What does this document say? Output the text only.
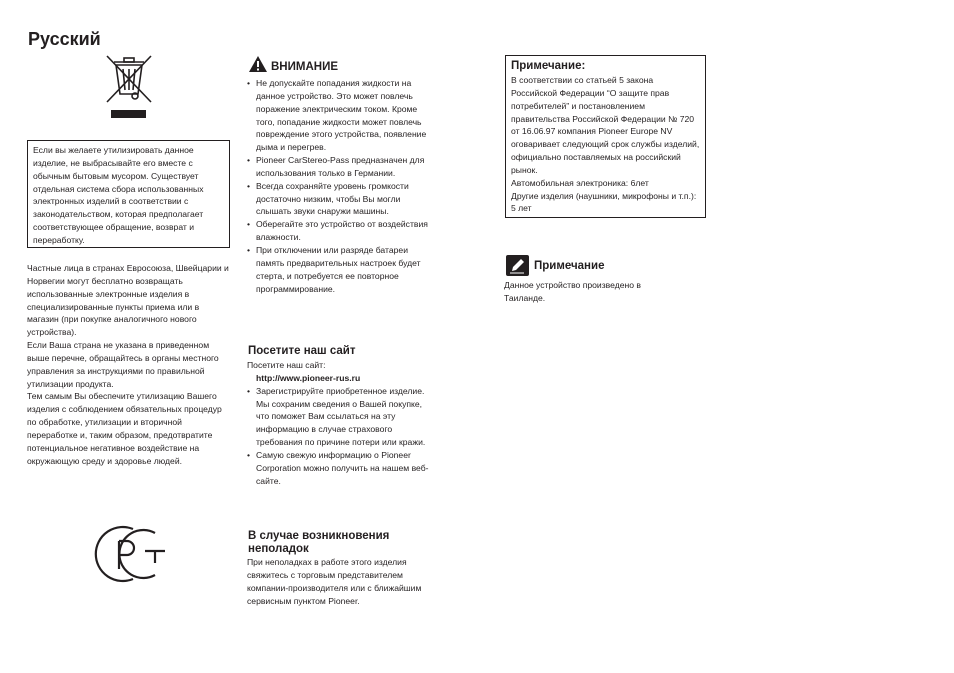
Русский
Если вы желаете утилизировать данное изделие, не выбрасывайте его вместе с обычным бытовым мусором. Существует отдельная система сбора использованных электронных изделий в соответствии с законодательством, которая предполагает соответствующее обращение, возврат и переработку.
Частные лица в странах Евросоюза, Швейцарии и Норвегии могут бесплатно возвращать использованные электронные изделия в специализированные пункты приема или в магазин (при покупке аналогичного нового устройства).
Если Ваша страна не указана в приведенном выше перечне, обращайтесь в органы местного управления за инструкциями по правильной утилизации продукта.
Тем самым Вы обеспечите утилизацию Вашего изделия с соблюдением обязательных процедур по обработке, утилизации и вторичной переработке и, таким образом, предотвратите потенциальное негативное воздействие на окружающую среду и здоровье людей.
ВНИМАНИЕ
• Не допускайте попадания жидкости на данное устройство. Это может повлечь поражение электрическим током. Кроме того, попадание жидкости может повлечь повреждение этого устройства, появление дыма и перегрев.
• Pioneer CarStereo-Pass предназначен для использования только в Германии.
• Всегда сохраняйте уровень громкости достаточно низким, чтобы Вы могли слышать звуки снаружи машины.
• Оберегайте это устройство от воздействия влажности.
• При отключении или разряде батареи память предварительных настроек будет стерта, и потребуется ее повторное программирование.
Посетите наш сайт
Посетите наш сайт:
http://www.pioneer-rus.ru
• Зарегистрируйте приобретенное изделие. Мы сохраним сведения о Вашей покупке, что поможет Вам ссылаться на эту информацию в случае страхового требования по причине потери или кражи.
• Самую свежую информацию о Pioneer Corporation можно получить на нашем веб-сайте.
В случае возникновения неполадок
При неполадках в работе этого изделия свяжитесь с торговым представителем компании-производителя или с ближайшим сервисным пунктом Pioneer.
Примечание:
В соответствии со статьей 5 закона Российской Федерации “О защите прав потребителей” и постановлением правительства Российской Федерации № 720 от 16.06.97 компания Pioneer Europe NV оговаривает следующий срок службы изделий, официально поставляемых на российский рынок.
Автомобильная электроника: 6лет
Другие изделия (наушники, микрофоны и т.п.): 5 лет
Примечание
Данное устройство произведено в Таиланде.
